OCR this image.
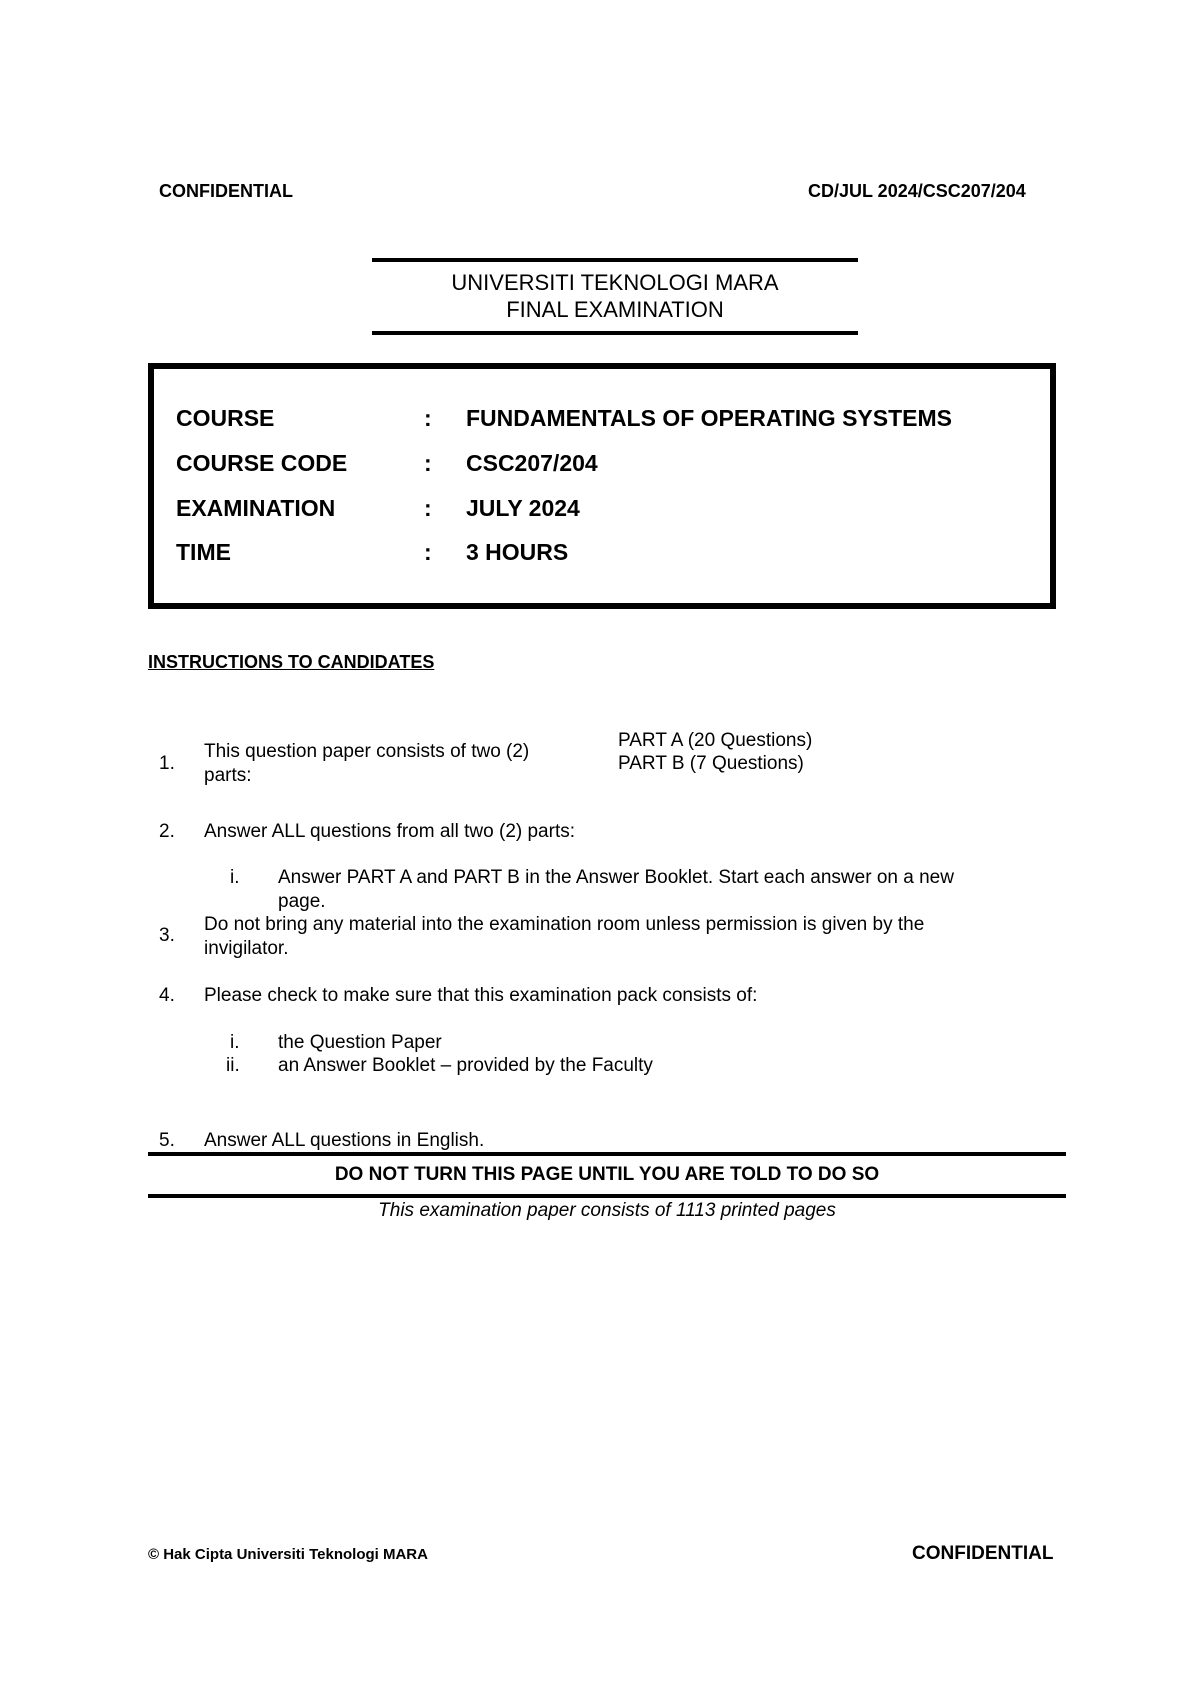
CONFIDENTIAL	CD/JUL 2024/CSC207/204
UNIVERSITI TEKNOLOGI MARA
FINAL EXAMINATION
COURSE	: FUNDAMENTALS OF OPERATING SYSTEMS
COURSE CODE	: CSC207/204
EXAMINATION	: JULY 2024
TIME	: 3 HOURS
INSTRUCTIONS TO CANDIDATES
1.
This question paper consists of two (2)
parts:
PART A (20 Questions)
PART B (7 Questions)
2. Answer ALL questions from all two (2) parts:
i. Answer PART A and PART B in the Answer Booklet. Start each answer on a new
page.
3.
Do not bring any material into the examination room unless permission is given by the
invigilator.
4. Please check to make sure that this examination pack consists of:
i. the Question Paper
ii. an Answer Booklet – provided by the Faculty
5. Answer ALL questions in English.
DO NOT TURN THIS PAGE UNTIL YOU ARE TOLD TO DO SO
This examination paper consists of 1113 printed pages
© Hak Cipta Universiti Teknologi MARA	CONFIDENTIAL
